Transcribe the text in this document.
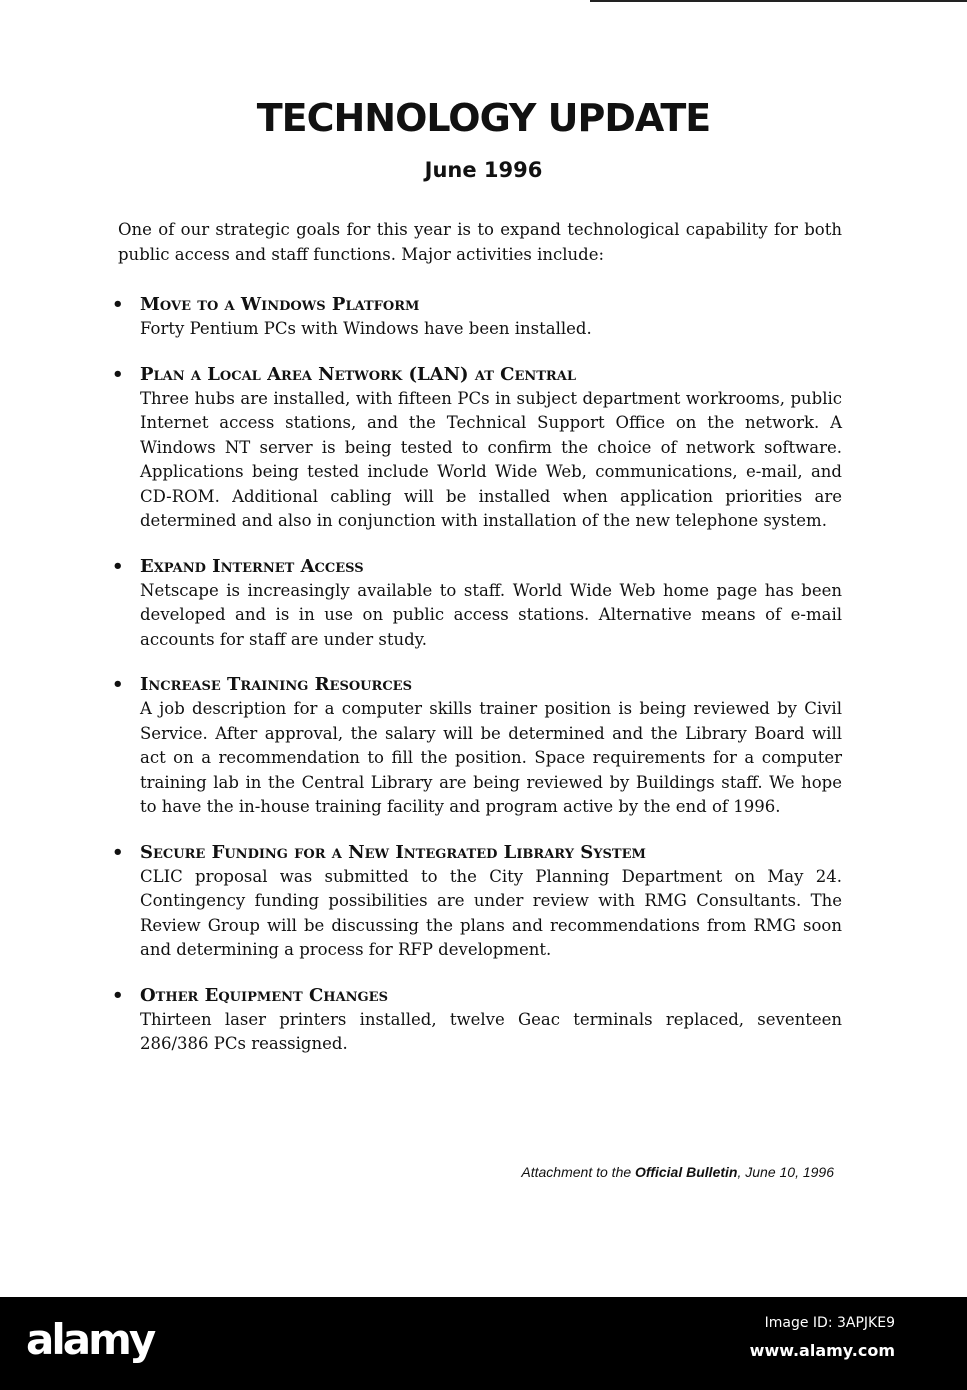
TECHNOLOGY UPDATE
June 1996

One of our strategic goals for this year is to expand technological capability for both public access and staff functions. Major activities include:

• Move to a Windows Platform
Forty Pentium PCs with Windows have been installed.
• Plan a Local Area Network (LAN) at Central
Three hubs are installed, with fifteen PCs in subject department workrooms, public Internet access stations, and the Technical Support Office on the network. A Windows NT server is being tested to confirm the choice of network software. Applications being tested include World Wide Web, communications, e-mail, and CD-ROM. Additional cabling will be installed when application priorities are determined and also in conjunction with installation of the new telephone system.
• Expand Internet Access
Netscape is increasingly available to staff. World Wide Web home page has been developed and is in use on public access stations. Alternative means of e-mail accounts for staff are under study.
• Increase Training Resources
A job description for a computer skills trainer position is being reviewed by Civil Service. After approval, the salary will be determined and the Library Board will act on a recommendation to fill the position. Space requirements for a computer training lab in the Central Library are being reviewed by Buildings staff. We hope to have the in-house training facility and program active by the end of 1996.
• Secure Funding for a New Integrated Library System
CLIC proposal was submitted to the City Planning Department on May 24. Contingency funding possibilities are under review with RMG Consultants. The Review Group will be discussing the plans and recommendations from RMG soon and determining a process for RFP development.
• Other Equipment Changes
Thirteen laser printers installed, twelve Geac terminals replaced, seventeen 286/386 PCs reassigned.
Attachment to the Official Bulletin, June 10, 1996
alamy	Image ID: 3APJKE9
www.alamy.com
